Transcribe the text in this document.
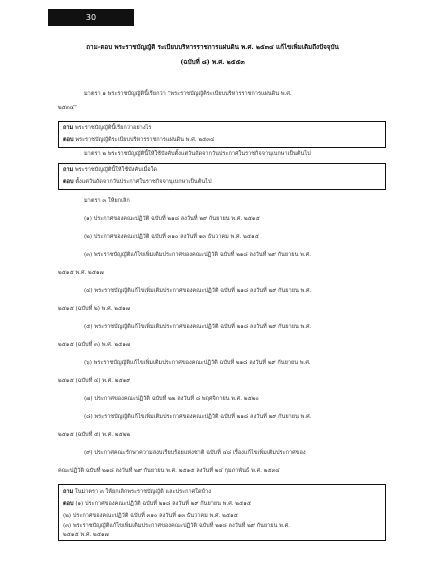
30
ถาม-ตอบ พระราชบัญญัติ ระเบียบบริหารราชการแผ่นดิน พ.ศ. ๒๕๓๔ แก้ไขเพิ่มเติมถึงปัจจุบัน
(ฉบับที่ ๘) พ.ศ. ๒๕๕๓
มาตรา ๑ พระราชบัญญัตินี้เรียกว่า “พระราชบัญญัติระเบียบบริหารราชการแผ่นดิน พ.ศ.
๒๕๓๔”
ถาม พระราชบัญญัตินี้เรียกว่าอย่างไร
ตอบ พระราชบัญญัติระเบียบบริหารราชการแผ่นดิน พ.ศ. ๒๕๓๔
มาตรา ๒ พระราชบัญญัตินี้ให้ใช้บังคับตั้งแต่วันถัดจากวันประกาศในราชกิจจานุเบกษาเป็นต้นไป
ถาม พระราชบัญญัตินี้ให้ใช้บังคับเมื่อใด
ตอบ ตั้งแต่วันถัดจากวันประกาศในราชกิจจานุเบกษาเป็นต้นไป
มาตรา ๓ ให้ยกเลิก
(๑) ประกาศของคณะปฏิวัติ ฉบับที่ ๒๑๘ ลงวันที่ ๒๙ กันยายน พ.ศ. ๒๕๑๕
(๒) ประกาศของคณะปฏิวัติ ฉบับที่ ๓๑๐ ลงวันที่ ๑๓ ธันวาคม พ.ศ. ๒๕๑๕
(๓) พระราชบัญญัติแก้ไขเพิ่มเติมประกาศของคณะปฏิวัติ ฉบับที่ ๒๑๘ ลงวันที่ ๒๙ กันยายน พ.ศ.
๒๕๑๕ พ.ศ. ๒๕๑๗
(๔) พระราชบัญญัติแก้ไขเพิ่มเติมประกาศของคณะปฏิวัติ ฉบับที่ ๒๑๘ ลงวันที่ ๒๙ กันยายน พ.ศ.
๒๕๑๕ (ฉบับที่ ๒) พ.ศ. ๒๕๑๗
(๕) พระราชบัญญัติแก้ไขเพิ่มเติมประกาศของคณะปฏิวัติ ฉบับที่ ๒๑๘ ลงวันที่ ๒๙ กันยายน พ.ศ.
๒๕๑๕ (ฉบับที่ ๓) พ.ศ. ๒๕๑๗
(๖) พระราชบัญญัติแก้ไขเพิ่มเติมประกาศของคณะปฏิวัติ ฉบับที่ ๒๑๘ ลงวันที่ ๒๙ กันยายน พ.ศ.
๒๕๑๕ (ฉบับที่ ๔) พ.ศ. ๒๕๑๙
(๗) ประกาศของคณะปฏิวัติ ฉบับที่ ๒๒ ลงวันที่ ๘ พฤศจิกายน พ.ศ. ๒๕๒๐
(๘) พระราชบัญญัติแก้ไขเพิ่มเติมประกาศของคณะปฏิวัติ ฉบับที่ ๒๑๘ ลงวันที่ ๒๙ กันยายน พ.ศ.
๒๕๑๕ (ฉบับที่ ๕) พ.ศ. ๒๕๒๒
(๙) ประกาศคณะรักษาความสงบเรียบร้อยแห่งชาติ ฉบับที่ ๔๘ เรื่องแก้ไขเพิ่มเติมประกาศของ
คณะปฏิวัติ ฉบับที่ ๒๑๘ ลงวันที่ ๒๙ กันยายน พ.ศ. ๒๕๑๕ ลงวันที่ ๒๔ กุมภาพันธ์ พ.ศ. ๒๕๓๔
ถาม ในมาตรา ๓ ให้ยกเลิกพระราชบัญญัติ และประกาศใดบ้าง
ตอบ (๑) ประกาศของคณะปฏิวัติ ฉบับที่ ๒๑๘ ลงวันที่ ๒๙ กันยายน พ.ศ. ๒๕๑๕
(๒) ประกาศของคณะปฏิวัติ ฉบับที่ ๓๑๐ ลงวันที่ ๑๓ ธันวาคม พ.ศ. ๒๕๑๕
(๓) พระราชบัญญัติแก้ไขเพิ่มเติมประกาศของคณะปฏิวัติ ฉบับที่ ๒๑๘ ลงวันที่ ๒๙ กันยายน พ.ศ.
๒๕๑๕ พ.ศ. ๒๕๑๗
